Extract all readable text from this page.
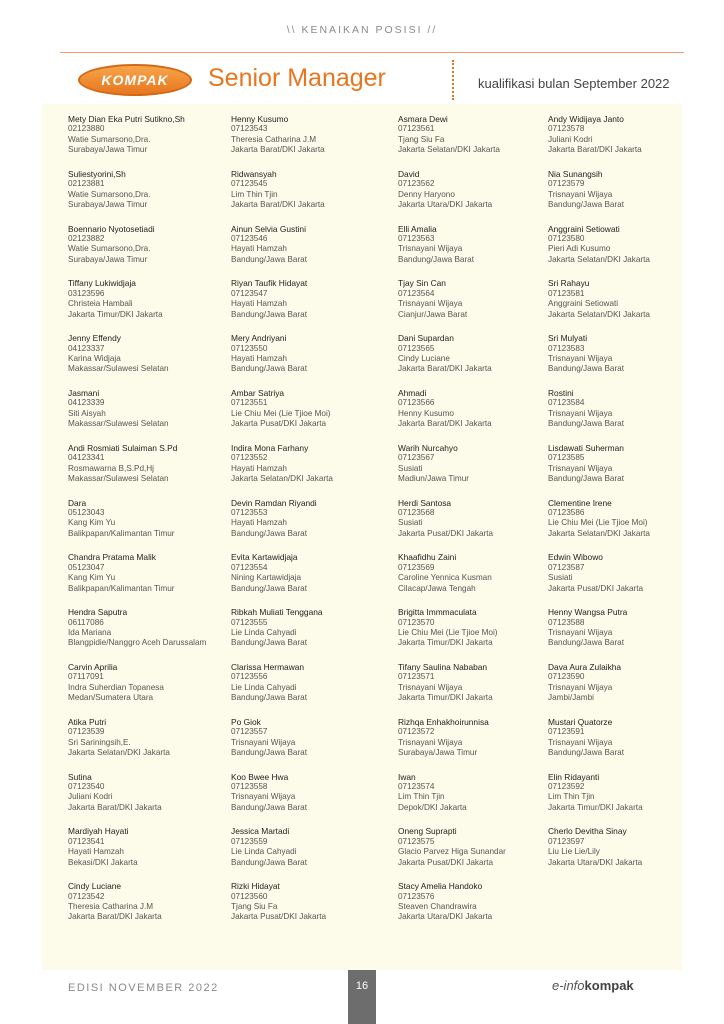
\\ KENAIKAN POSISI //
KOMPAK Senior Manager	kualifikasi bulan September 2022
Mety Dian Eka Putri Sutikno,Sh
02123880
Watie Sumarsono,Dra.
Surabaya/Jawa Timur
Suliestyorini,Sh
02123881
Watie Sumarsono,Dra.
Surabaya/Jawa Timur
Boennario Nyotosetiadi
02123882
Watie Sumarsono,Dra.
Surabaya/Jawa Timur
Tiffany Lukiwidjaja
03123596
Christeia Hambali
Jakarta Timur/DKI Jakarta
Jenny Effendy
04123337
Karina Widjaja
Makassar/Sulawesi Selatan
Jasmani
04123339
Siti Aisyah
Makassar/Sulawesi Selatan
Andi Rosmiati Sulaiman S.Pd
04123341
Rosmawarna B,S.Pd,Hj
Makassar/Sulawesi Selatan
Dara
05123043
Kang Kim Yu
Balikpapan/Kalimantan Timur
Chandra Pratama Malik
05123047
Kang Kim Yu
Balikpapan/Kalimantan Timur
Hendra Saputra
06117086
Ida Mariana
Blangpidie/Nanggro Aceh Darussalam
Carvin Aprilia
07117091
Indra Suherdian Topanesa
Medan/Sumatera Utara
Atika Putri
07123539
Sri Sariningsih,E.
Jakarta Selatan/DKI Jakarta
Sutina
07123540
Juliani Kodri
Jakarta Barat/DKI Jakarta
Mardiyah Hayati
07123541
Hayati Hamzah
Bekasi/DKI Jakarta
Cindy Luciane
07123542
Theresia Catharina J.M
Jakarta Barat/DKI Jakarta
Henny Kusumo
07123543
Theresia Catharina J.M
Jakarta Barat/DKI Jakarta
Ridwansyah
07123545
Lim Thin Tjin
Jakarta Barat/DKI Jakarta
Ainun Selvia Gustini
07123546
Hayati Hamzah
Bandung/Jawa Barat
Riyan Taufik Hidayat
07123547
Hayati Hamzah
Bandung/Jawa Barat
Mery Andriyani
07123550
Hayati Hamzah
Bandung/Jawa Barat
Ambar Satriya
07123551
Lie Chiu Mei (Lie Tjioe Moi)
Jakarta Pusat/DKI Jakarta
Indira Mona Farhany
07123552
Hayati Hamzah
Jakarta Selatan/DKI Jakarta
Devin Ramdan Riyandi
07123553
Hayati Hamzah
Bandung/Jawa Barat
Evita Kartawidjaja
07123554
Nining Kartawidjaja
Bandung/Jawa Barat
Ribkah Muliati Tenggana
07123555
Lie Linda Cahyadi
Bandung/Jawa Barat
Clarissa Hermawan
07123556
Lie Linda Cahyadi
Bandung/Jawa Barat
Po Giok
07123557
Trisnayani Wijaya
Bandung/Jawa Barat
Koo Bwee Hwa
07123558
Trisnayani Wijaya
Bandung/Jawa Barat
Jessica Martadi
07123559
Lie Linda Cahyadi
Bandung/Jawa Barat
Rizki Hidayat
07123560
Tjang Siu Fa
Jakarta Pusat/DKI Jakarta
Asmara Dewi
07123561
Tjang Siu Fa
Jakarta Selatan/DKI Jakarta
David
07123562
Denny Haryono
Jakarta Utara/DKI Jakarta
Elli Amalia
07123563
Trisnayani Wijaya
Bandung/Jawa Barat
Tjay Sin Can
07123564
Trisnayani Wijaya
Cianjur/Jawa Barat
Dani Supardan
07123565
Cindy Luciane
Jakarta Barat/DKI Jakarta
Ahmadi
07123566
Henny Kusumo
Jakarta Barat/DKI Jakarta
Warih Nurcahyo
07123567
Susiati
Madiun/Jawa Timur
Herdi Santosa
07123568
Susiati
Jakarta Pusat/DKI Jakarta
Khaafidhu Zaini
07123569
Caroline Yennica Kusman
Cilacap/Jawa Tengah
Brigitta Immmaculata
07123570
Lie Chiu Mei (Lie Tjioe Moi)
Jakarta Timur/DKI Jakarta
Tifany Saulina Nababan
07123571
Trisnayani Wijaya
Jakarta Timur/DKI Jakarta
Rizhqa Enhakhoirunnisa
07123572
Trisnayani Wijaya
Surabaya/Jawa Timur
Iwan
07123574
Lim Thin Tjin
Depok/DKI Jakarta
Oneng Suprapti
07123575
Glacio Parvez Higa Sunandar
Jakarta Pusat/DKI Jakarta
Stacy Amelia Handoko
07123576
Steaven Chandrawira
Jakarta Utara/DKI Jakarta
Andy Widijaya Janto
07123578
Juliani Kodri
Jakarta Barat/DKI Jakarta
Nia Sunangsih
07123579
Trisnayani Wijaya
Bandung/Jawa Barat
Anggraini Setiowati
07123580
Pieri Adi Kusumo
Jakarta Selatan/DKI Jakarta
Sri Rahayu
07123581
Anggraini Setiowati
Jakarta Selatan/DKI Jakarta
Sri Mulyati
07123583
Trisnayani Wijaya
Bandung/Jawa Barat
Rostini
07123584
Trisnayani Wijaya
Bandung/Jawa Barat
Lisdawati Suherman
07123585
Trisnayani Wijaya
Bandung/Jawa Barat
Clementine Irene
07123586
Lie Chiu Mei (Lie Tjioe Moi)
Jakarta Selatan/DKI Jakarta
Edwin Wibowo
07123587
Susiati
Jakarta Pusat/DKI Jakarta
Henny Wangsa Putra
07123588
Trisnayani Wijaya
Bandung/Jawa Barat
Dava Aura Zulaikha
07123590
Trisnayani Wijaya
Jambi/Jambi
Mustari Quatorze
07123591
Trisnayani Wijaya
Bandung/Jawa Barat
Elin Ridayanti
07123592
Lim Thin Tjin
Jakarta Timur/DKI Jakarta
Cherlo Devitha Sinay
07123597
Liu Lie Lie/Lily
Jakarta Utara/DKI Jakarta
EDISI NOVEMBER 2022	16	e-infokompak
